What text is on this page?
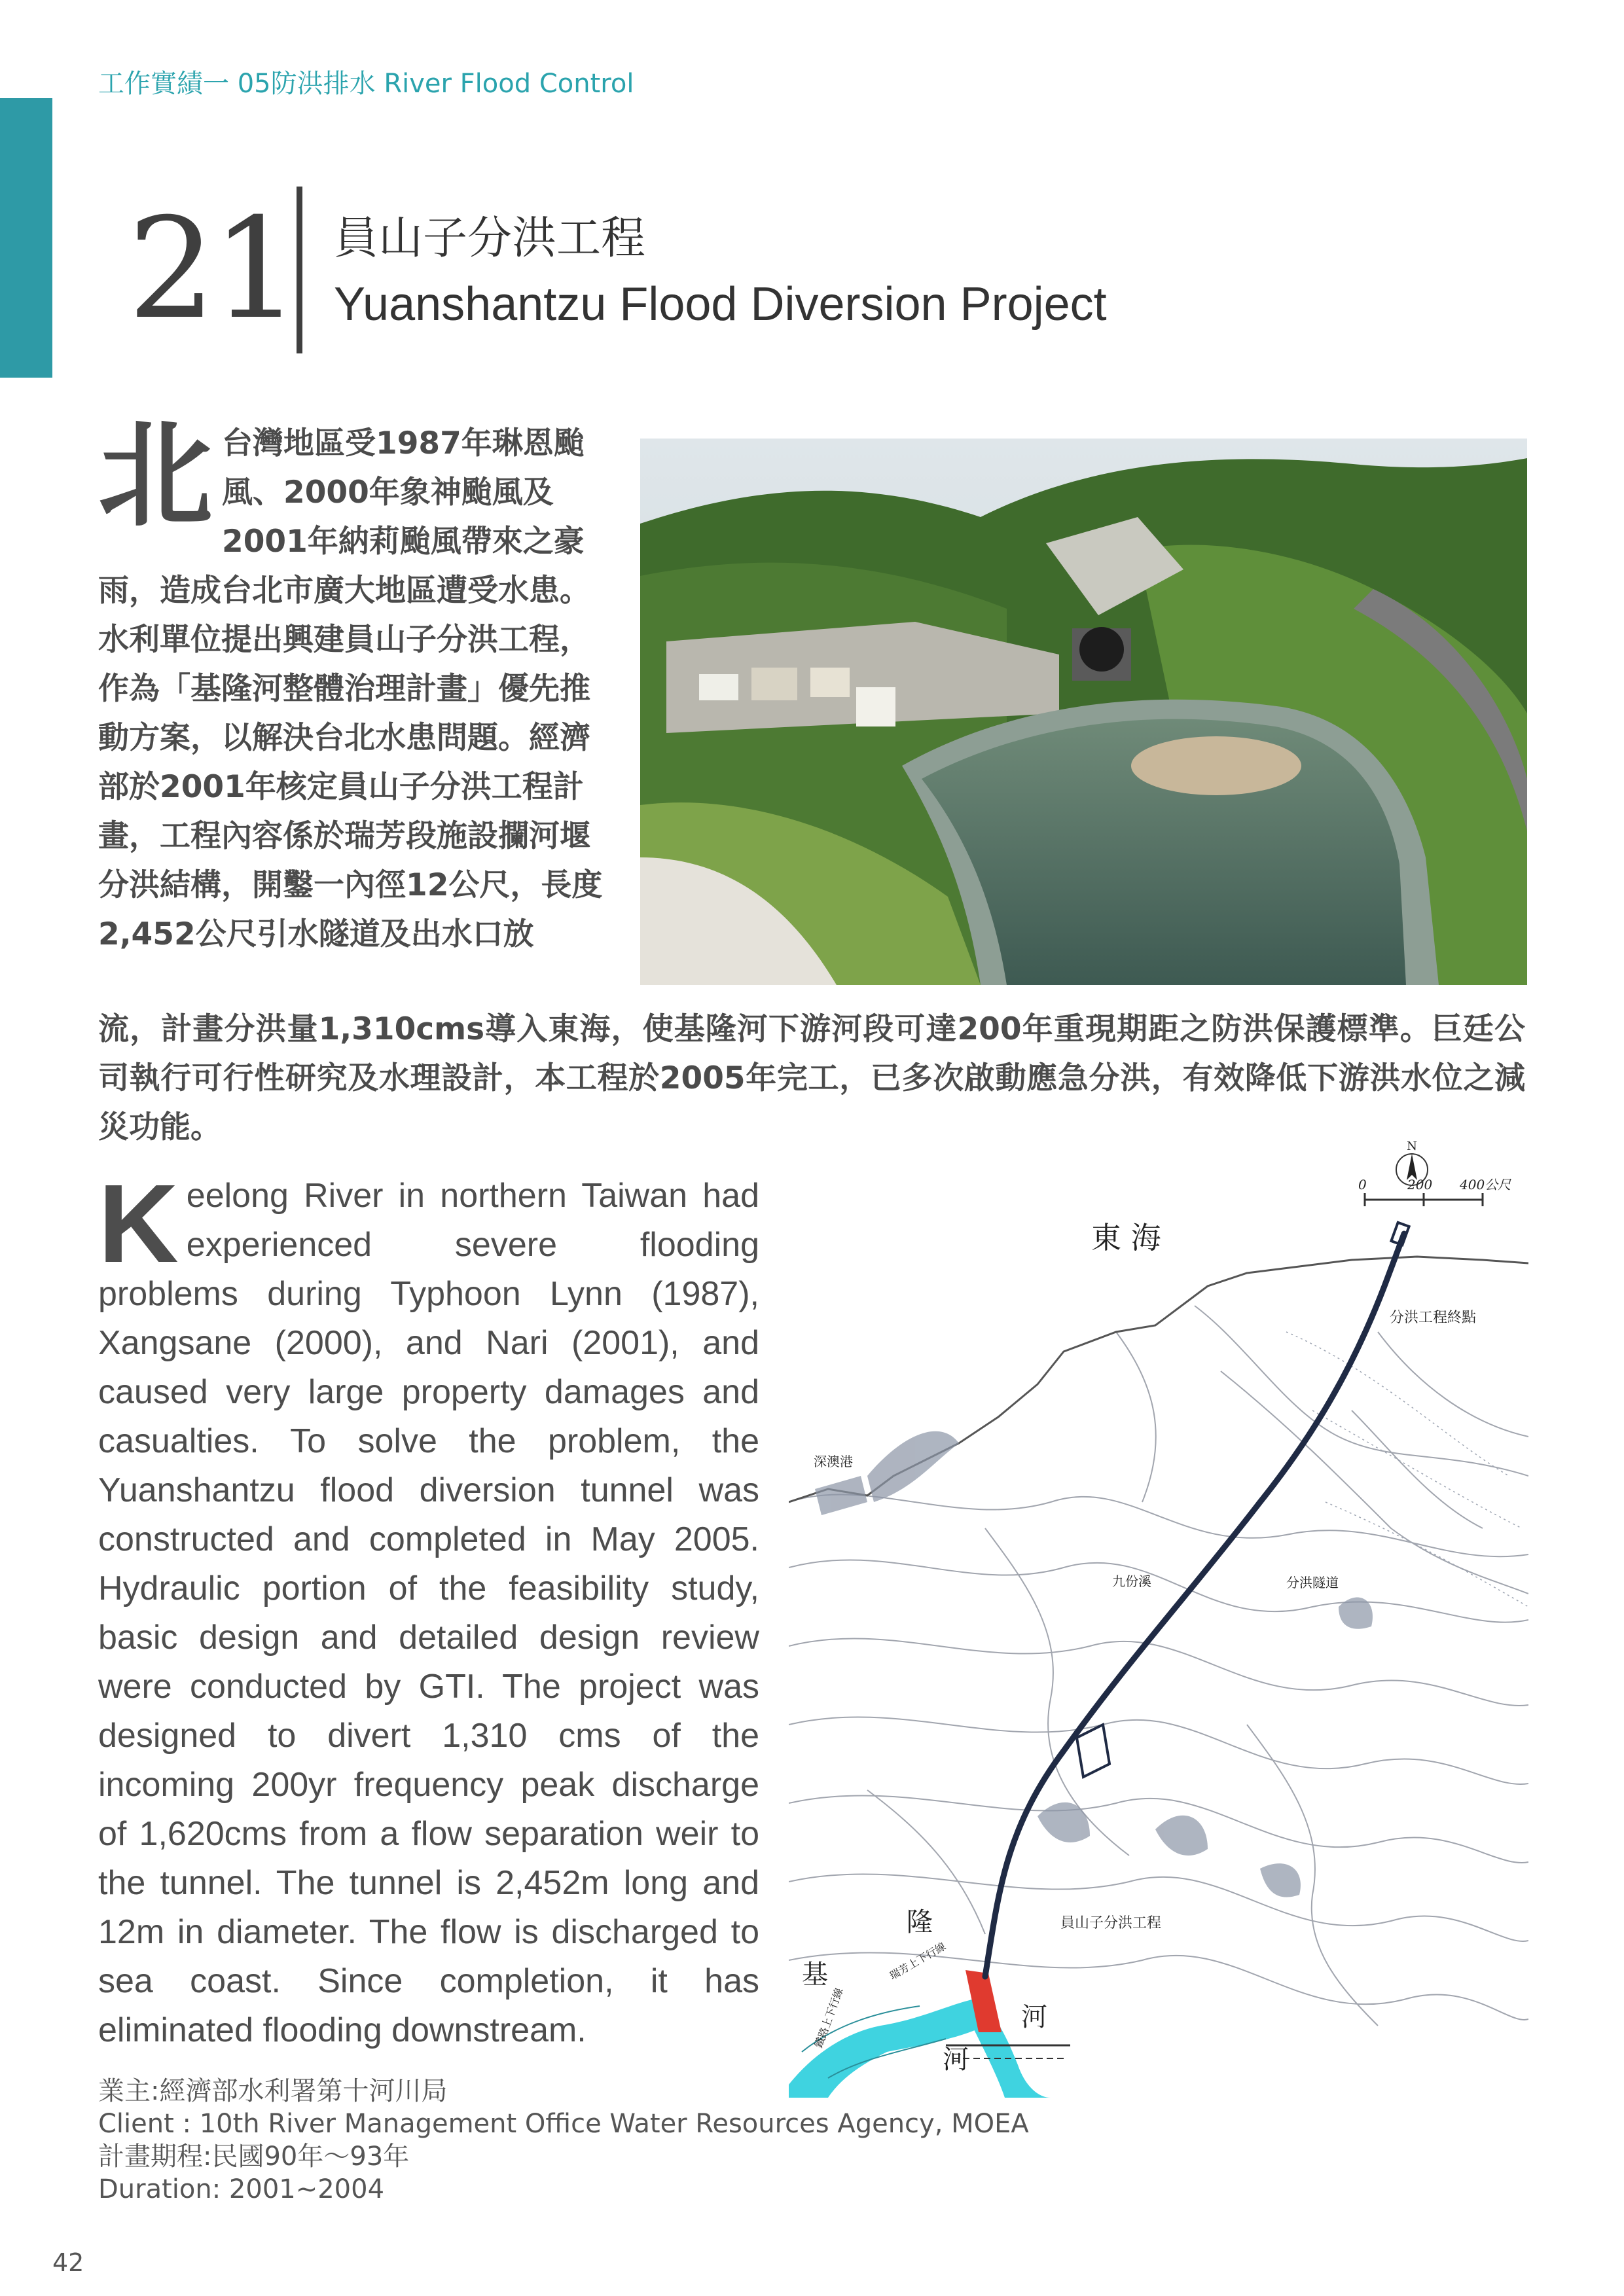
工作實績一 05防洪排水 River Flood Control
21 員山子分洪工程
Yuanshantzu Flood Diversion Project
北 台灣地區受1987年琳恩颱風、2000年象神颱風及2001年納莉颱風帶來之豪雨，造成台北市廣大地區遭受水患。水利單位提出興建員山子分洪工程，作為「基隆河整體治理計畫」優先推動方案，以解決台北水患問題。經濟部於2001年核定員山子分洪工程計畫，工程內容係於瑞芳段施設攔河堰分洪結構，開鑿一內徑12公尺，長度2,452公尺引水隧道及出水口放
流，計畫分洪量1,310cms導入東海，使基隆河下游河段可達200年重現期距之防洪保護標準。巨廷公司執行可行性研究及水理設計，本工程於2005年完工，已多次啟動應急分洪，有效降低下游洪水位之減災功能。
K eelong River in northern Taiwan had experienced severe flooding problems during Typhoon Lynn (1987), Xangsane (2000), and Nari (2001), and caused very large property damages and casualties. To solve the problem, the Yuanshantzu flood diversion tunnel was constructed and completed in May 2005. Hydraulic portion of the feasibility study, basic design and detailed design review were conducted by GTI. The project was designed to divert 1,310 cms of the incoming 200yr frequency peak discharge of 1,620cms from a flow separation weir to the tunnel. The tunnel is 2,452m long and 12m in diameter. The flow is discharged to sea coast. Since completion, it has eliminated flooding downstream.
0	200 400公尺
N
東 海
分洪工程終點
深澳港
九份溪	分洪隧道
員山子分洪工程
隆
基
河
河
瑞芳上下行線
鐵路上下行線
業主:經濟部水利署第十河川局
Client : 10th River Management Office Water Resources Agency, MOEA
計畫期程:民國90年～93年
Duration: 2001~2004
42
